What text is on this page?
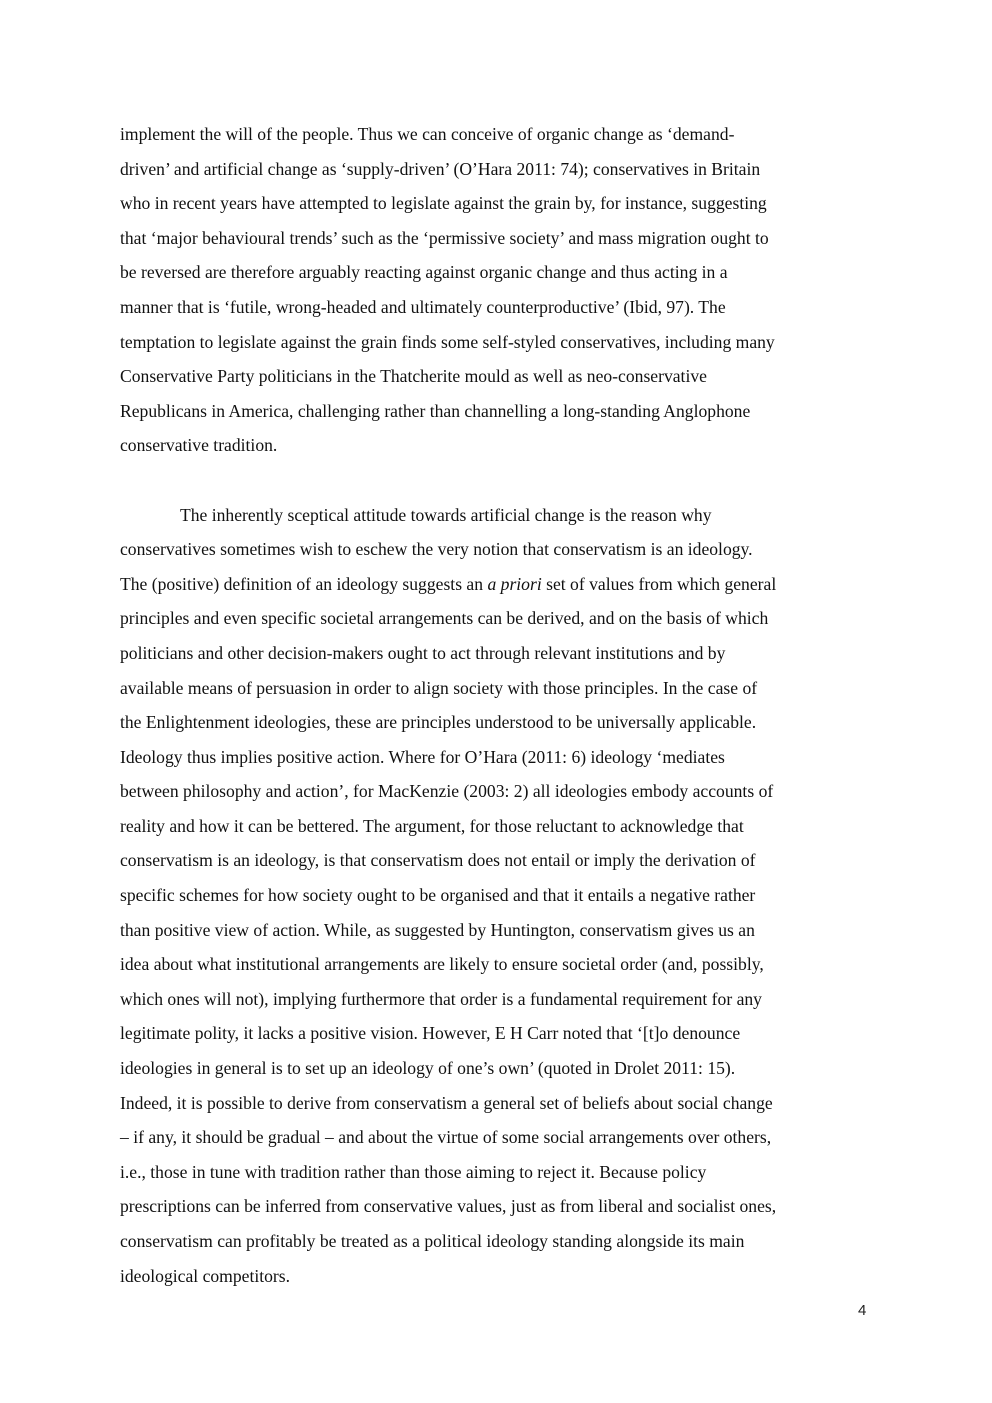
implement the will of the people. Thus we can conceive of organic change as ‘demand-
driven’ and artificial change as ‘supply-driven’ (O’Hara 2011: 74); conservatives in Britain
who in recent years have attempted to legislate against the grain by, for instance, suggesting
that ‘major behavioural trends’ such as the ‘permissive society’ and mass migration ought to
be reversed are therefore arguably reacting against organic change and thus acting in a
manner that is ‘futile, wrong-headed and ultimately counterproductive’ (Ibid, 97). The
temptation to legislate against the grain finds some self-styled conservatives, including many
Conservative Party politicians in the Thatcherite mould as well as neo-conservative
Republicans in America, challenging rather than channelling a long-standing Anglophone
conservative tradition.

The inherently sceptical attitude towards artificial change is the reason why
conservatives sometimes wish to eschew the very notion that conservatism is an ideology.
The (positive) definition of an ideology suggests an a priori set of values from which general
principles and even specific societal arrangements can be derived, and on the basis of which
politicians and other decision-makers ought to act through relevant institutions and by
available means of persuasion in order to align society with those principles. In the case of
the Enlightenment ideologies, these are principles understood to be universally applicable.
Ideology thus implies positive action. Where for O’Hara (2011: 6) ideology ‘mediates
between philosophy and action’, for MacKenzie (2003: 2) all ideologies embody accounts of
reality and how it can be bettered. The argument, for those reluctant to acknowledge that
conservatism is an ideology, is that conservatism does not entail or imply the derivation of
specific schemes for how society ought to be organised and that it entails a negative rather
than positive view of action. While, as suggested by Huntington, conservatism gives us an
idea about what institutional arrangements are likely to ensure societal order (and, possibly,
which ones will not), implying furthermore that order is a fundamental requirement for any
legitimate polity, it lacks a positive vision. However, E H Carr noted that ‘[t]o denounce
ideologies in general is to set up an ideology of one’s own’ (quoted in Drolet 2011: 15).
Indeed, it is possible to derive from conservatism a general set of beliefs about social change
– if any, it should be gradual – and about the virtue of some social arrangements over others,
i.e., those in tune with tradition rather than those aiming to reject it. Because policy
prescriptions can be inferred from conservative values, just as from liberal and socialist ones,
conservatism can profitably be treated as a political ideology standing alongside its main
ideological competitors.

4
